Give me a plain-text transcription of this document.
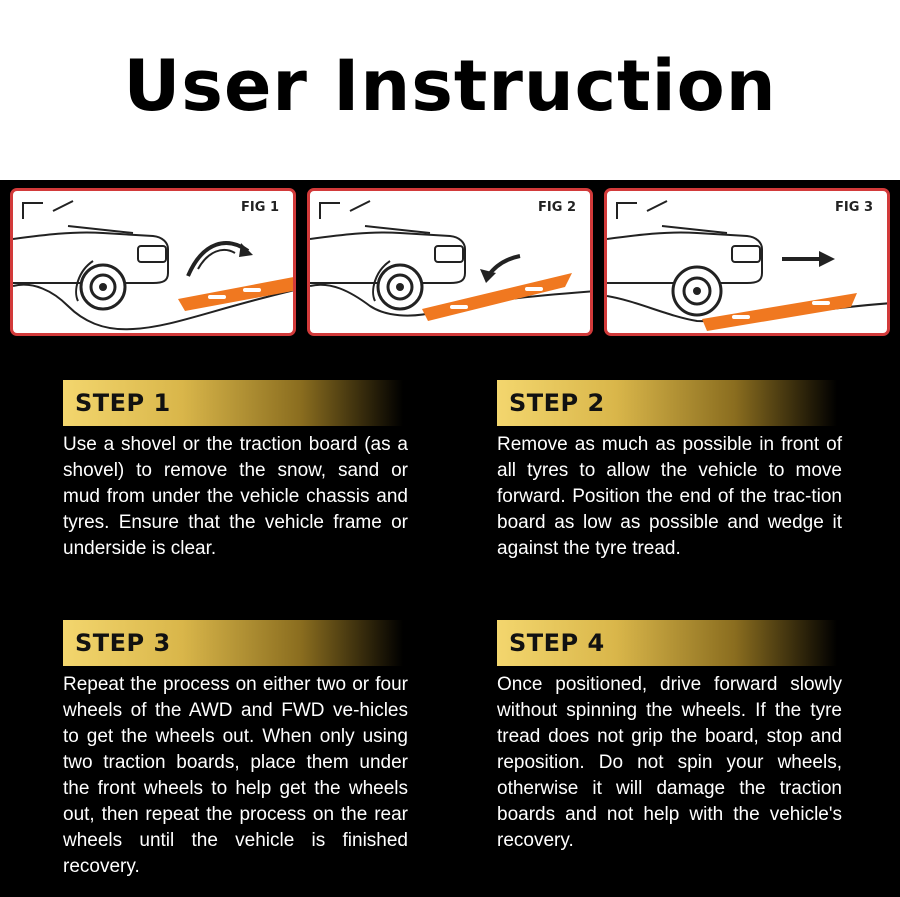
User Instruction
FIG 1	FIG 2	FIG 3
STEP 1
Use a shovel or the traction board (as a shovel) to remove the snow, sand or mud from under the vehicle chassis and tyres. Ensure that the vehicle frame or underside is clear.
STEP 2
Remove as much as possible in front of all tyres to allow the vehicle to move forward. Position the end of the trac-tion board as low as possible and wedge it against the tyre tread.
STEP 3
Repeat the process on either two or four wheels of the AWD and FWD ve-hicles to get the wheels out. When only using two traction boards, place them under the front wheels to help get the wheels out, then repeat the process on the rear wheels until the vehicle is finished recovery.
STEP 4
Once positioned, drive forward slowly without spinning the wheels. If the tyre tread does not grip the board, stop and reposition. Do not spin your wheels, otherwise it will damage the traction boards and not help with the vehicle's recovery.
